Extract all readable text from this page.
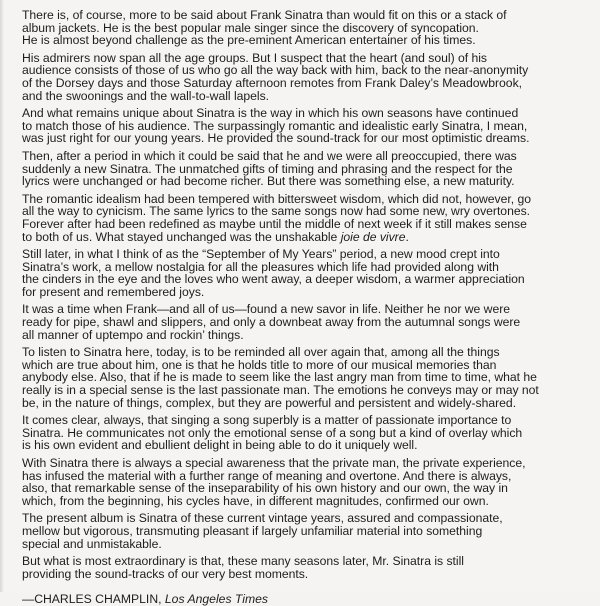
There is, of course, more to be said about Frank Sinatra than would fit on this or a stack of
album jackets. He is the best popular male singer since the discovery of syncopation.
He is almost beyond challenge as the pre-eminent American entertainer of his times.

His admirers now span all the age groups. But I suspect that the heart (and soul) of his
audience consists of those of us who go all the way back with him, back to the near-anonymity
of the Dorsey days and those Saturday afternoon remotes from Frank Daley’s Meadowbrook,
and the swoonings and the wall-to-wall lapels.

And what remains unique about Sinatra is the way in which his own seasons have continued
to match those of his audience. The surpassingly romantic and idealistic early Sinatra, I mean,
was just right for our young years. He provided the sound-track for our most optimistic dreams.

Then, after a period in which it could be said that he and we were all preoccupied, there was
suddenly a new Sinatra. The unmatched gifts of timing and phrasing and the respect for the
lyrics were unchanged or had become richer. But there was something else, a new maturity.

The romantic idealism had been tempered with bittersweet wisdom, which did not, however, go
all the way to cynicism. The same lyrics to the same songs now had some new, wry overtones.
Forever after had been redefined as maybe until the middle of next week if it still makes sense
to both of us. What stayed unchanged was the unshakable joie de vivre.

Still later, in what I think of as the “September of My Years” period, a new mood crept into
Sinatra’s work, a mellow nostalgia for all the pleasures which life had provided along with
the cinders in the eye and the loves who went away, a deeper wisdom, a warmer appreciation
for present and remembered joys.

It was a time when Frank—and all of us—found a new savor in life. Neither he nor we were
ready for pipe, shawl and slippers, and only a downbeat away from the autumnal songs were
all manner of uptempo and rockin’ things.

To listen to Sinatra here, today, is to be reminded all over again that, among all the things
which are true about him, one is that he holds title to more of our musical memories than
anybody else. Also, that if he is made to seem like the last angry man from time to time, what he
really is in a special sense is the last passionate man. The emotions he conveys may or may not
be, in the nature of things, complex, but they are powerful and persistent and widely-shared.

It comes clear, always, that singing a song superbly is a matter of passionate importance to
Sinatra. He communicates not only the emotional sense of a song but a kind of overlay which
is his own evident and ebullient delight in being able to do it uniquely well.

With Sinatra there is always a special awareness that the private man, the private experience,
has infused the material with a further range of meaning and overtone. And there is always,
also, that remarkable sense of the inseparability of his own history and our own, the way in
which, from the beginning, his cycles have, in different magnitudes, confirmed our own.

The present album is Sinatra of these current vintage years, assured and compassionate,
mellow but vigorous, transmuting pleasant if largely unfamiliar material into something
special and unmistakable.

But what is most extraordinary is that, these many seasons later, Mr. Sinatra is still
providing the sound-tracks of our very best moments.

—CHARLES CHAMPLIN, Los Angeles Times
